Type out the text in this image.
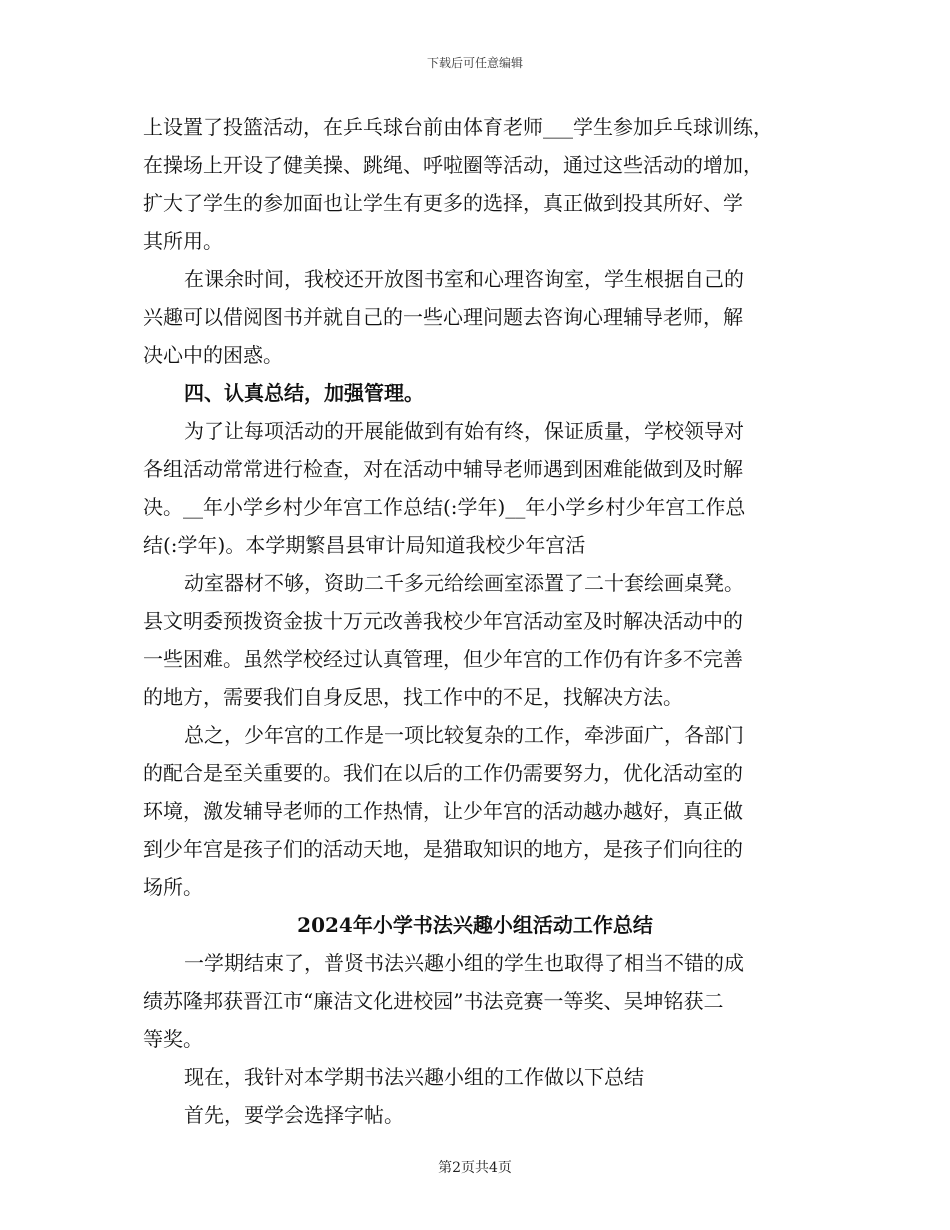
下载后可任意编辑
上设置了投篮活动，在乒乓球台前由体育老师___学生参加乒乓球训练，
在操场上开设了健美操、跳绳、呼啦圈等活动，通过这些活动的增加，
扩大了学生的参加面也让学生有更多的选择，真正做到投其所好、学
其所用。
在课余时间，我校还开放图书室和心理咨询室，学生根据自己的
兴趣可以借阅图书并就自己的一些心理问题去咨询心理辅导老师，解
决心中的困惑。
四、认真总结，加强管理。
为了让每项活动的开展能做到有始有终，保证质量，学校领导对
各组活动常常进行检查，对在活动中辅导老师遇到困难能做到及时解
决。__年小学乡村少年宫工作总结(:学年)__年小学乡村少年宫工作总
结(:学年)。本学期繁昌县审计局知道我校少年宫活
动室器材不够，资助二千多元给绘画室添置了二十套绘画桌凳。
县文明委预拨资金拔十万元改善我校少年宫活动室及时解决活动中的
一些困难。虽然学校经过认真管理，但少年宫的工作仍有许多不完善
的地方，需要我们自身反思，找工作中的不足，找解决方法。
总之，少年宫的工作是一项比较复杂的工作，牵涉面广，各部门
的配合是至关重要的。我们在以后的工作仍需要努力，优化活动室的
环境，激发辅导老师的工作热情，让少年宫的活动越办越好，真正做
到少年宫是孩子们的活动天地，是猎取知识的地方，是孩子们向往的
场所。
2024年小学书法兴趣小组活动工作总结
一学期结束了，普贤书法兴趣小组的学生也取得了相当不错的成
绩苏隆邦获晋江市“廉洁文化进校园”书法竞赛一等奖、吴坤铭获二
等奖。
现在，我针对本学期书法兴趣小组的工作做以下总结
首先，要学会选择字帖。
第2页共4页
